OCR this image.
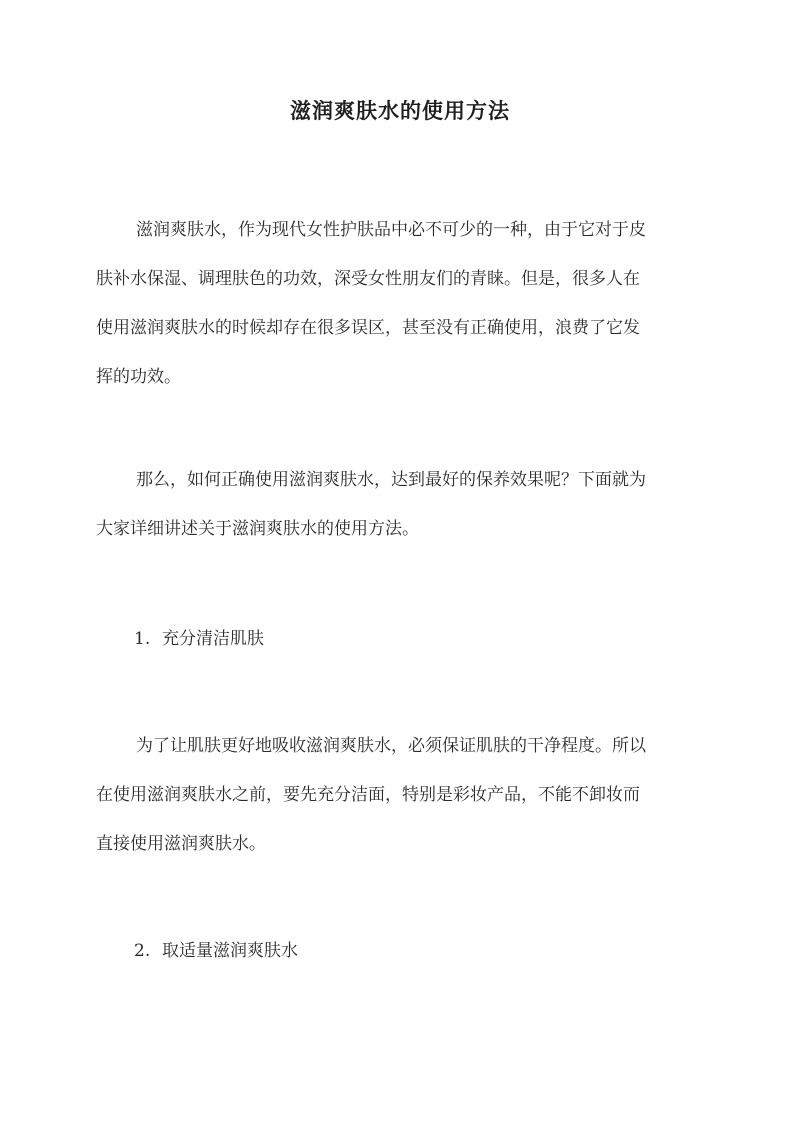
滋润爽肤水的使用方法
滋润爽肤水，作为现代女性护肤品中必不可少的一种，由于它对于皮
肤补水保湿、调理肤色的功效，深受女性朋友们的青睐。但是，很多人在
使用滋润爽肤水的时候却存在很多误区，甚至没有正确使用，浪费了它发
挥的功效。
那么，如何正确使用滋润爽肤水，达到最好的保养效果呢？下面就为
大家详细讲述关于滋润爽肤水的使用方法。
1. 充分清洁肌肤
为了让肌肤更好地吸收滋润爽肤水，必须保证肌肤的干净程度。所以
在使用滋润爽肤水之前，要先充分洁面，特别是彩妆产品，不能不卸妆而
直接使用滋润爽肤水。
2. 取适量滋润爽肤水
